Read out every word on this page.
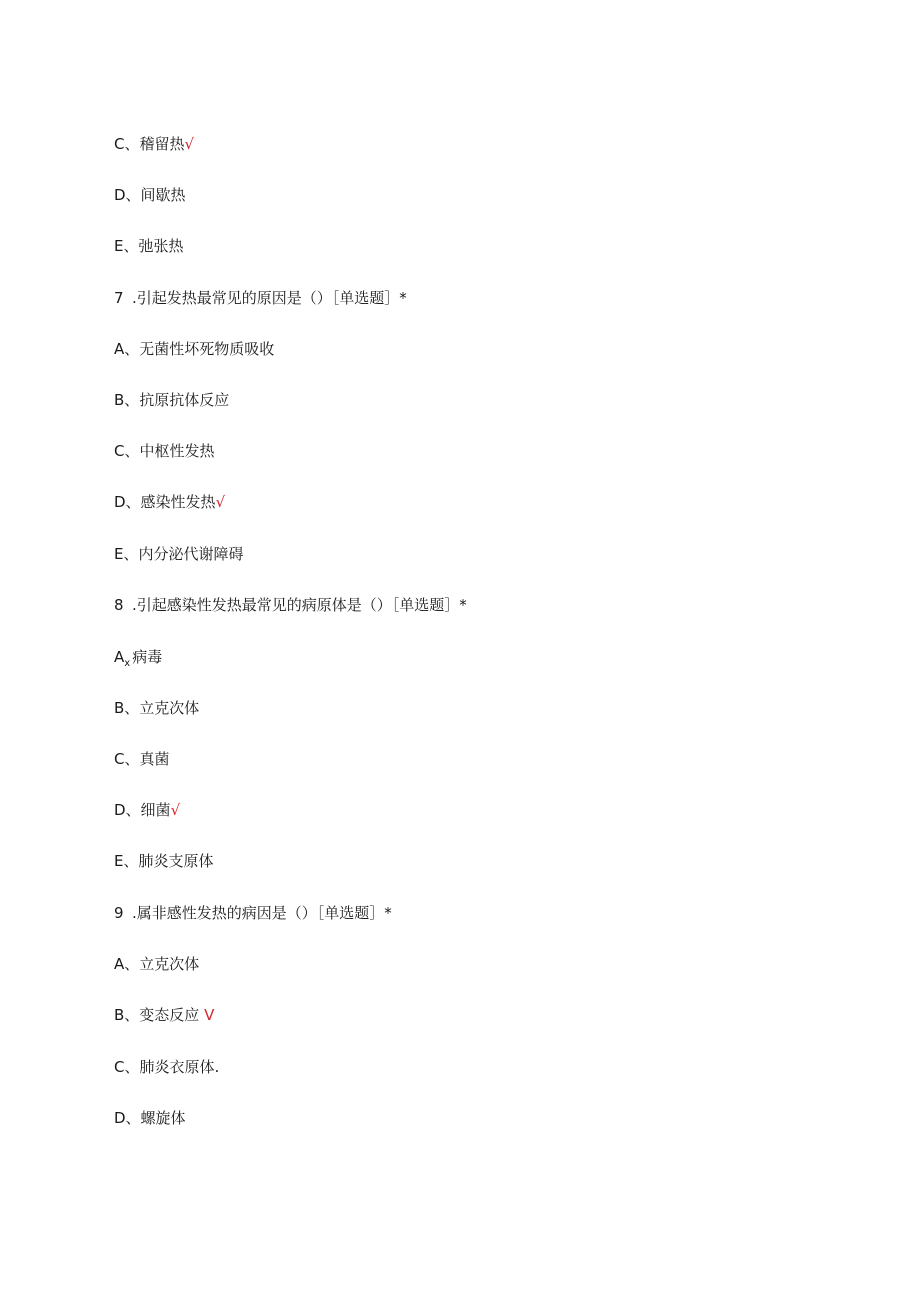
C、稽留热√
D、间歇热
E、弛张热
7 .引起发热最常见的原因是（）［单选题］*
A、无菌性坏死物质吸收
B、抗原抗体反应
C、中枢性发热
D、感染性发热√
E、内分泌代谢障碍
8 .引起感染性发热最常见的病原体是（）［单选题］*
$A_x$ 病毒
B、立克次体
C、真菌
D、细菌√
E、肺炎支原体
9 .属非感性发热的病因是（）［单选题］*
A、立克次体
B、变态反应 V
C、肺炎衣原体.
D、螺旋体
